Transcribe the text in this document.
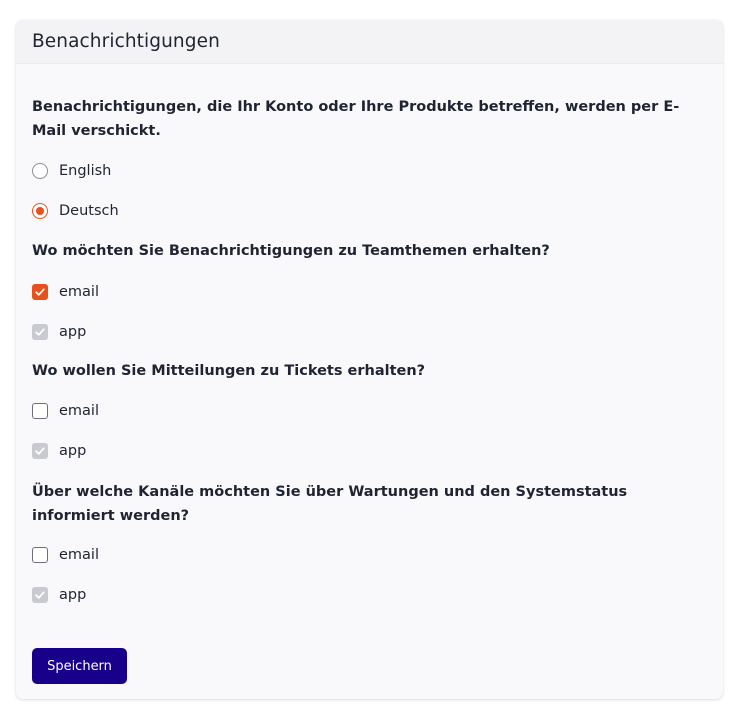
Benachrichtigungen
Benachrichtigungen, die Ihr Konto oder Ihre Produkte betreffen, werden per E-Mail verschickt.
English
Deutsch
Wo möchten Sie Benachrichtigungen zu Teamthemen erhalten?
email
app
Wo wollen Sie Mitteilungen zu Tickets erhalten?
email
app
Über welche Kanäle möchten Sie über Wartungen und den Systemstatus informiert werden?
email
app
Speichern
